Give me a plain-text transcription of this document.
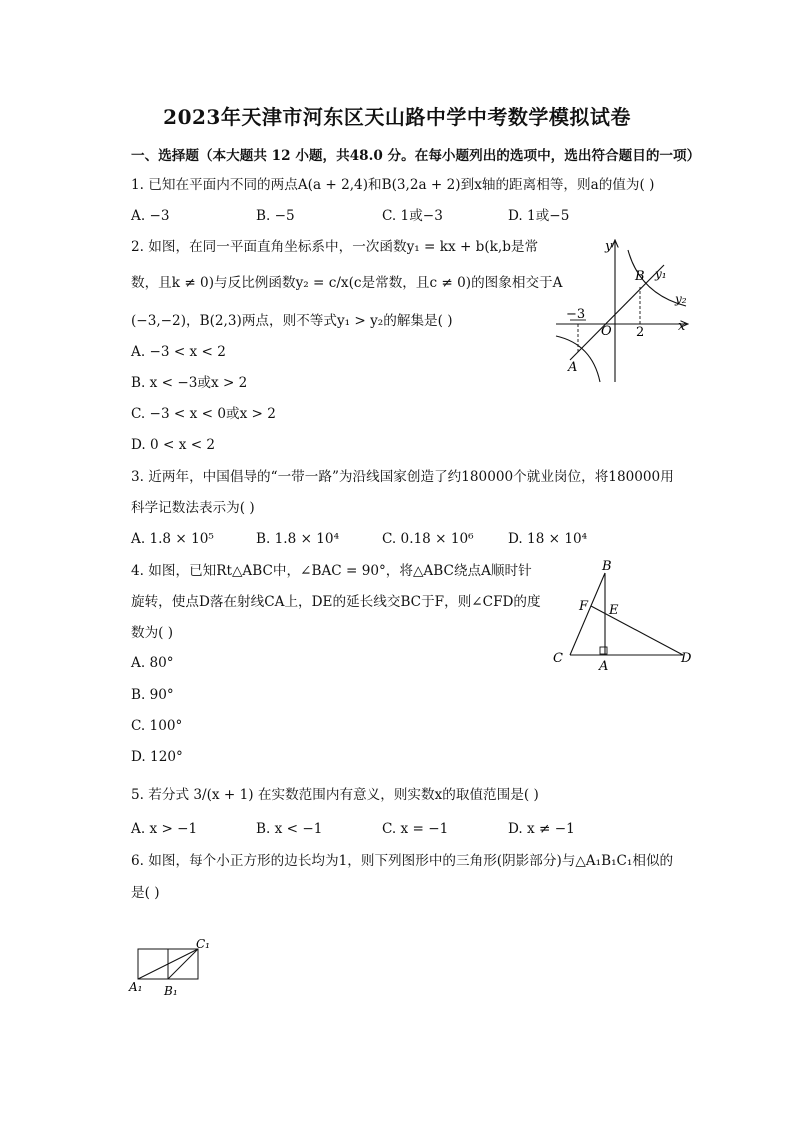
2023年天津市河东区天山路中学中考数学模拟试卷
一、选择题（本大题共 12 小题，共48.0 分。在每小题列出的选项中，选出符合题目的一项）
1. 已知在平面内不同的两点A(a + 2,4)和B(3,2a + 2)到x轴的距离相等，则a的值为( )
A. −3	B. −5	C. 1或−3	D. 1或−5
2. 如图，在同一平面直角坐标系中，一次函数y₁ = kx + b(k,b是常
数，且k ≠ 0)与反比例函数y₂ = c/x(c是常数，且c ≠ 0)的图象相交于A
(−3,−2)，B(2,3)两点，则不等式y₁ > y₂的解集是( )
A. −3 < x < 2
B. x < −3或x > 2
C. −3 < x < 0或x > 2
D. 0 < x < 2
y
x
O
−3
2
A
B y₁
y₂
3. 近两年，中国倡导的“一带一路”为沿线国家创造了约180000个就业岗位，将180000用
科学记数法表示为( )
A. 1.8 × 10⁵	B. 1.8 × 10⁴	C. 0.18 × 10⁶	D. 18 × 10⁴
4. 如图，已知Rt△ABC中，∠BAC = 90°，将△ABC绕点A顺时针
旋转，使点D落在射线CA上，DE的延长线交BC于F，则∠CFD的度
数为( )
A. 80°
B. 90°
C. 100°
D. 120°
B
F E
C
A
D
5. 若分式 3/(x + 1) 在实数范围内有意义，则实数x的取值范围是( )
A. x > −1	B. x < −1	C. x = −1	D. x ≠ −1
6. 如图，每个小正方形的边长均为1，则下列图形中的三角形(阴影部分)与△A₁B₁C₁相似的
是( )
A₁ B₁
C₁
